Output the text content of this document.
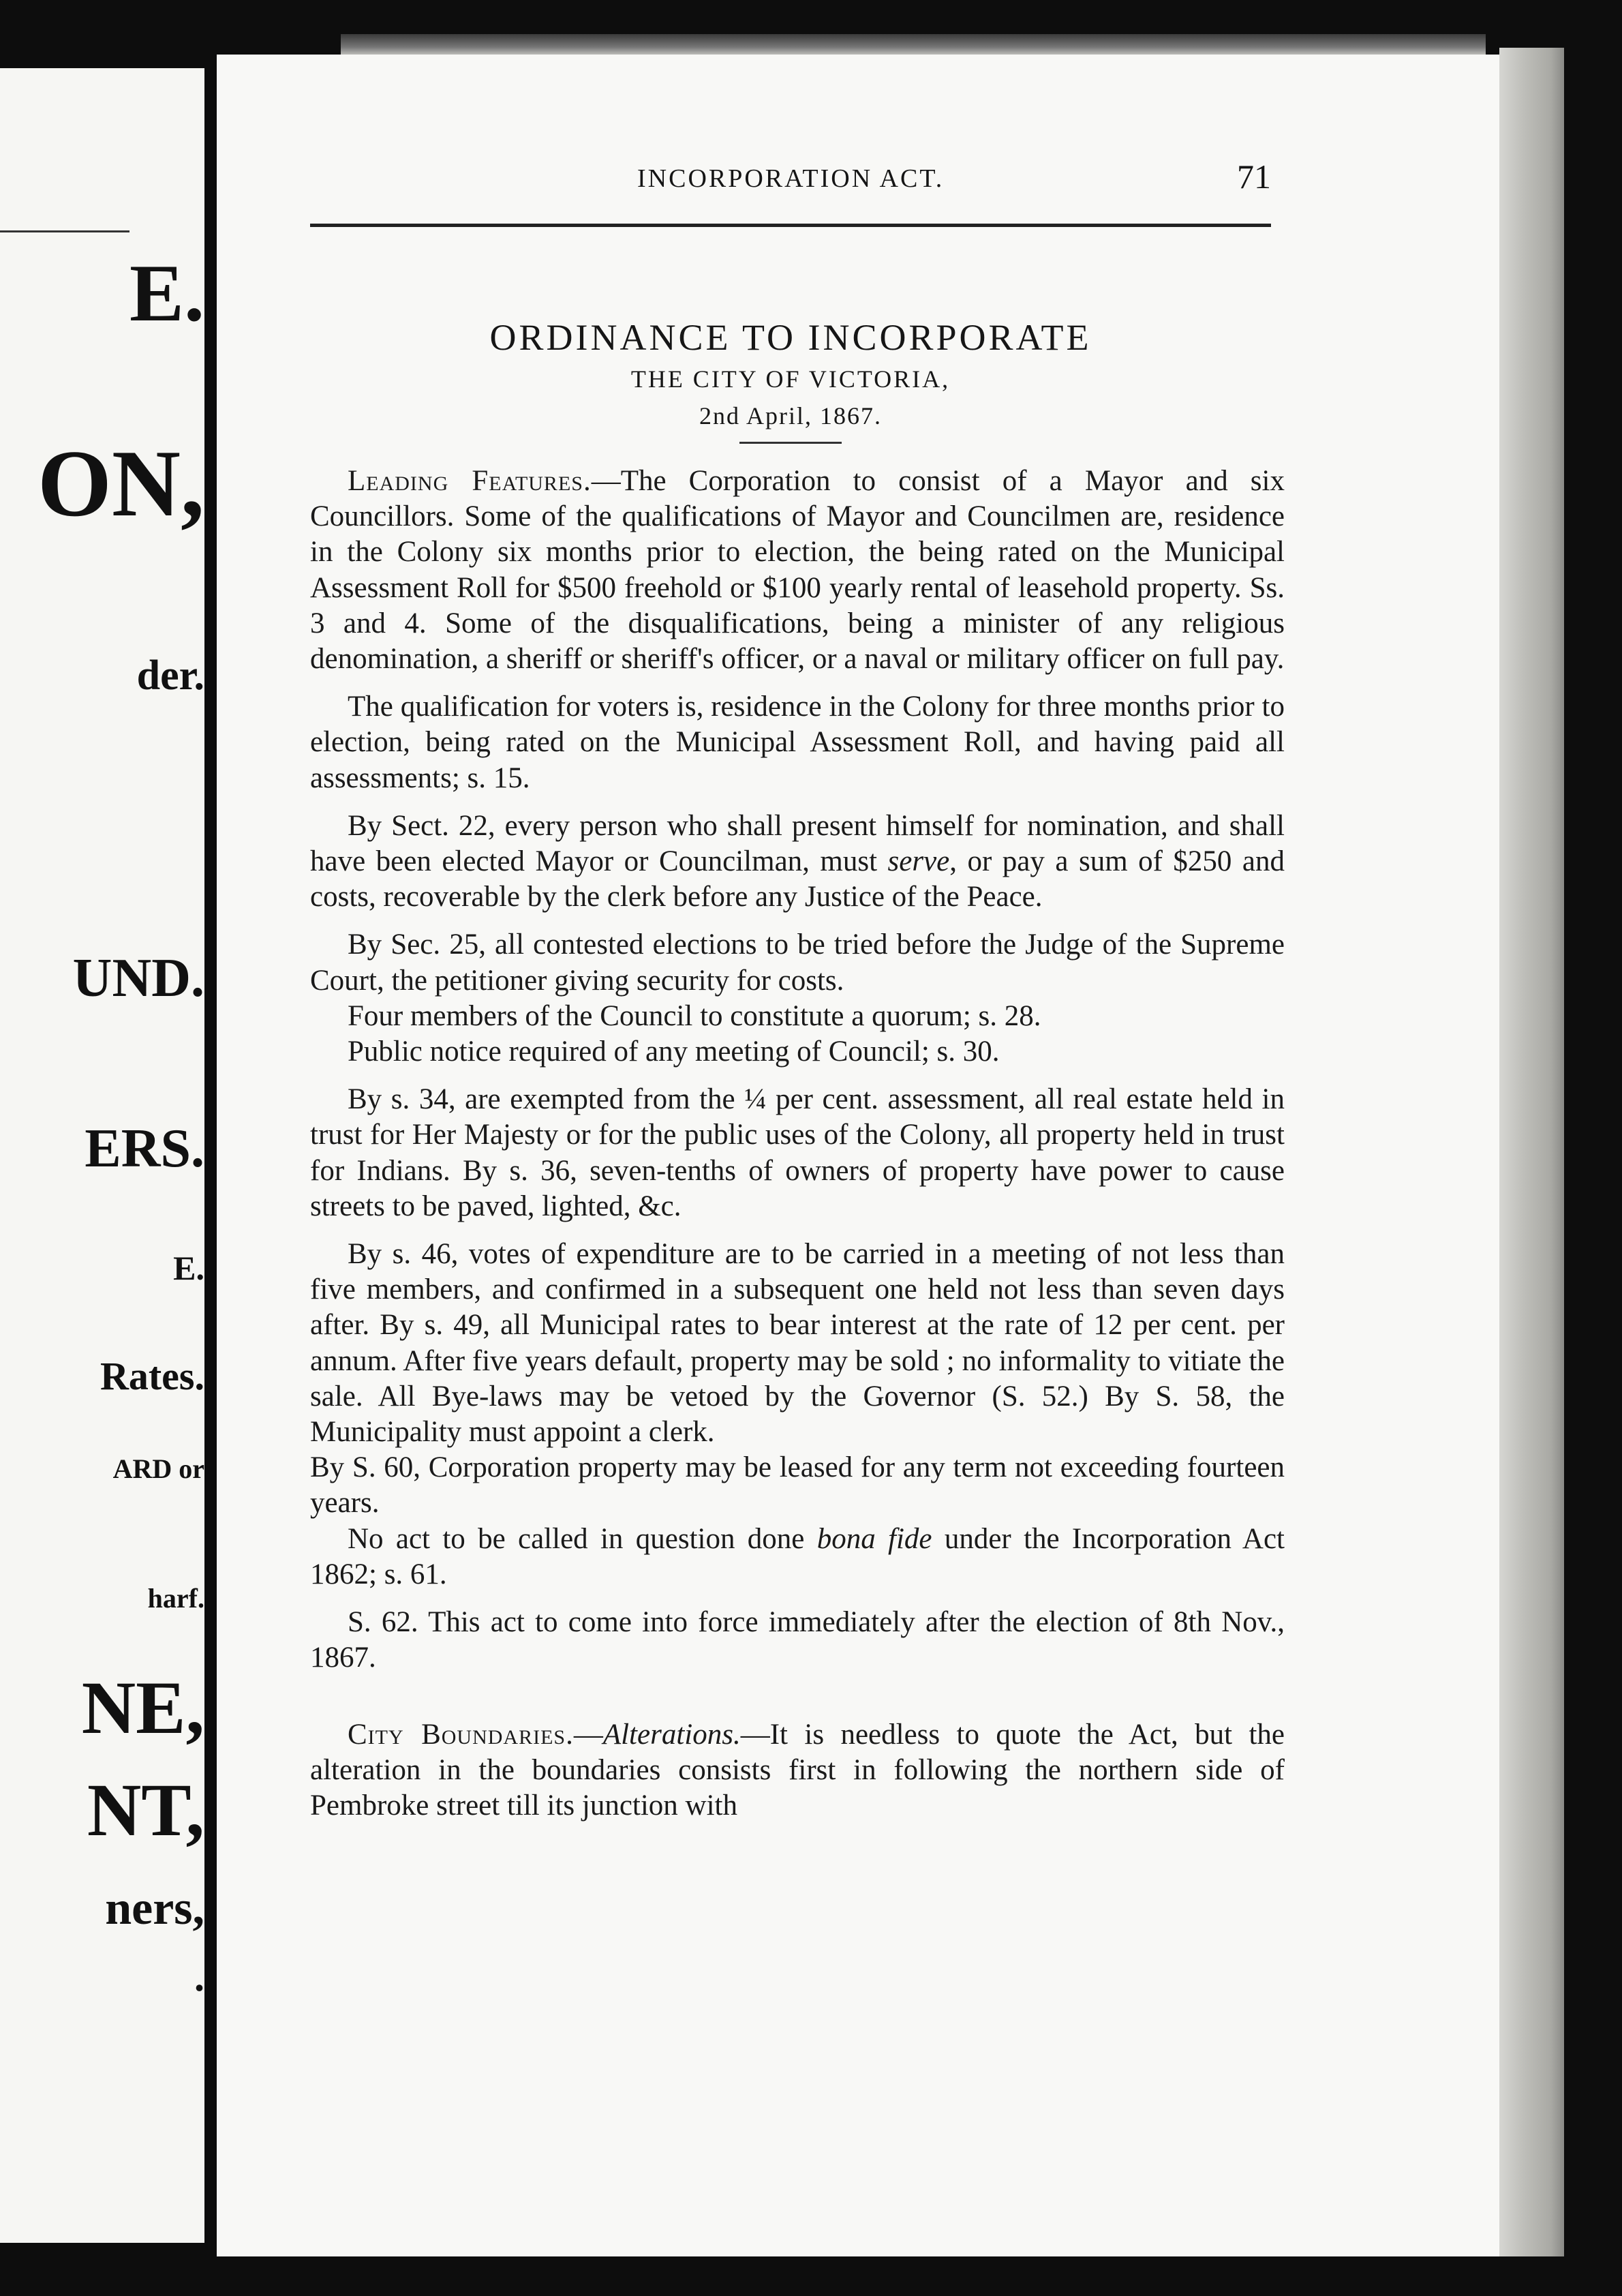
E.
ON,
der.
UND.
ERS.
E.
Rates.
ARD or
harf.
NE,
NT,
ners,
.
INCORPORATION ACT.	71
ORDINANCE TO INCORPORATE
THE CITY OF VICTORIA,
2nd April, 1867.

Leading Features.—The Corporation to consist of a Mayor and six Councillors. Some of the qualifications of Mayor and Councilmen are, residence in the Colony six months prior to election, the being rated on the Municipal Assessment Roll for $500 freehold or $100 yearly rental of leasehold property. Ss. 3 and 4. Some of the disqualifications, being a minister of any religious denomination, a sheriff or sheriff's officer, or a naval or military officer on full pay.

The qualification for voters is, residence in the Colony for three months prior to election, being rated on the Municipal Assessment Roll, and having paid all assessments; s. 15.

By Sect. 22, every person who shall present himself for nomination, and shall have been elected Mayor or Councilman, must serve, or pay a sum of $250 and costs, recoverable by the clerk before any Justice of the Peace.

By Sec. 25, all contested elections to be tried before the Judge of the Supreme Court, the petitioner giving security for costs.

Four members of the Council to constitute a quorum; s. 28.

Public notice required of any meeting of Council; s. 30.

By s. 34, are exempted from the ¼ per cent. assessment, all real estate held in trust for Her Majesty or for the public uses of the Colony, all property held in trust for Indians. By s. 36, seven-tenths of owners of property have power to cause streets to be paved, lighted, &c.

By s. 46, votes of expenditure are to be carried in a meeting of not less than five members, and confirmed in a subsequent one held not less than seven days after. By s. 49, all Municipal rates to bear interest at the rate of 12 per cent. per annum. After five years default, property may be sold ; no informality to vitiate the sale. All Bye-laws may be vetoed by the Governor (S. 52.) By S. 58, the Municipality must appoint a clerk.

By S. 60, Corporation property may be leased for any term not exceeding fourteen years.

No act to be called in question done bona fide under the Incorporation Act 1862; s. 61.

S. 62. This act to come into force immediately after the election of 8th Nov., 1867.

City Boundaries.—Alterations.—It is needless to quote the Act, but the alteration in the boundaries consists first in following the northern side of Pembroke street till its junction with
